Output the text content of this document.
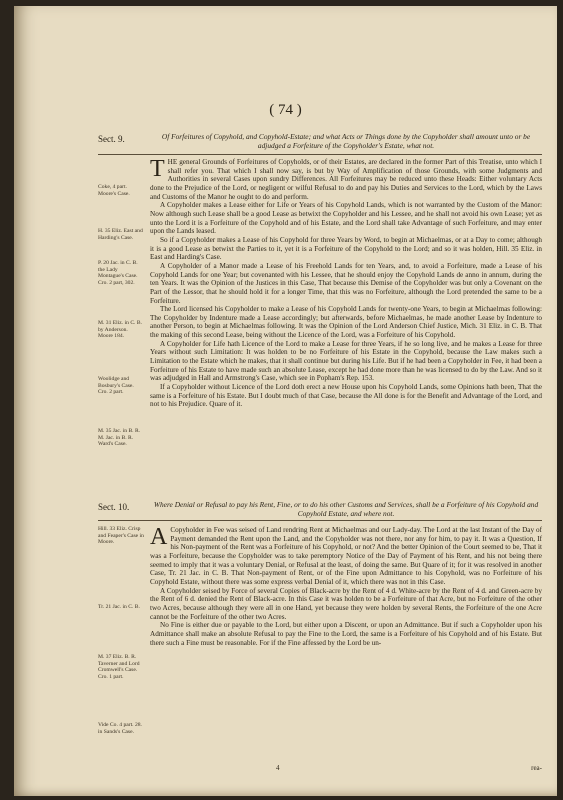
( 74 )
Sect. 9.	Of Forfeitures of Copyhold, and Copyhold-Estate; and what Acts or Things done by the Copyholder shall amount unto or be adjudged a Forfeiture of the Copyholder's Estate, what not.
Coke, 4 part. Moore's Case.
H. 35 Eliz. East and Harding's Case.
P. 20 Jac. in C. B. the Lady Montague's Case. Cro. 2 part, 302.
M. 31 Eliz. in C. B. by Anderson. Moore 184.
Woolidge and Bosbury's Case. Cro. 2 part.
M. 35 Jac. in B. R. M. Jac. in B. R. Ward's Case.

THE general Grounds of Forfeitures of Copyholds, or of their Estates, are declared in the former Part of this Treatise, unto which I shall refer you. That which I shall now say, is but by Way of Amplification of those Grounds, with some Judgments and Authorities in several Cases upon sundry Differences. All Forfeitures may be reduced unto these Heads: Either voluntary Acts done to the Prejudice of the Lord, or negligent or wilful Refusal to do and pay his Duties and Services to the Lord, which by the Laws and Customs of the Manor he ought to do and perform.

A Copyholder makes a Lease either for Life or Years of his Copyhold Lands, which is not warranted by the Custom of the Manor: Now although such Lease shall be a good Lease as betwixt the Copyholder and his Lessee, and he shall not avoid his own Lease; yet as unto the Lord it is a Forfeiture of the Copyhold and of his Estate, and the Lord shall take Advantage of such Forfeiture, and may enter upon the Lands leased.

So if a Copyholder makes a Lease of his Copyhold for three Years by Word, to begin at Michaelmas, or at a Day to come; although it is a good Lease as betwixt the Parties to it, yet it is a Forfeiture of the Copyhold to the Lord; and so it was holden, Hill. 35 Eliz. in East and Harding's Case.

A Copyholder of a Manor made a Lease of his Freehold Lands for ten Years, and, to avoid a Forfeiture, made a Lease of his Copyhold Lands for one Year; but covenanted with his Lessee, that he should enjoy the Copyhold Lands de anno in annum, during the ten Years. It was the Opinion of the Justices in this Case, That because this Demise of the Copyholder was but only a Covenant on the Part of the Lessor, that he should hold it for a longer Time, that this was no Forfeiture, although the Lord pretended the same to be a Forfeiture.

The Lord licensed his Copyholder to make a Lease of his Copyhold Lands for twenty-one Years, to begin at Michaelmas following: The Copyholder by Indenture made a Lease accordingly; but afterwards, before Michaelmas, he made another Lease by Indenture to another Person, to begin at Michaelmas following. It was the Opinion of the Lord Anderson Chief Justice, Mich. 31 Eliz. in C. B. That the making of this second Lease, being without the Licence of the Lord, was a Forfeiture of his Copyhold.

A Copyholder for Life hath Licence of the Lord to make a Lease for three Years, if he so long live, and he makes a Lease for three Years without such Limitation: It was holden to be no Forfeiture of his Estate in the Copyhold, because the Law makes such a Limitation to the Estate which he makes, that it shall continue but during his Life. But if he had been a Copyholder in Fee, it had been a Forfeiture of his Estate to have made such an absolute Lease, except he had done more than he was licensed to do by the Law. And so it was adjudged in Hall and Armstrong's Case, which see in Popham's Rep. 153.

If a Copyholder without Licence of the Lord doth erect a new House upon his Copyhold Lands, some Opinions hath been, That the same is a Forfeiture of his Estate. But I doubt much of that Case, because the All done is for the Benefit and Advantage of the Lord, and not to his Prejudice. Quare of it.

Sect. 10.	Where Denial or Refusal to pay his Rent, Fine, or to do his other Customs and Services, shall be a Forfeiture of his Copyhold and Copyhold Estate, and where not.
Hill. 33 Eliz. Crisp and Feaper's Case in Moore.
Tr. 21 Jac. in C. B.
M. 37 Eliz. B. R. Taverner and Lord Cromwell's Case. Cro. 1 part.
Vide Co. 4 part. 28. in Sands's Case.

A Copyholder in Fee was seised of Land rendring Rent at Michaelmas and our Lady-day. The Lord at the last Instant of the Day of Payment demanded the Rent upon the Land, and the Copyholder was not there, nor any for him, to pay it. It was a Question, If his Non-payment of the Rent was a Forfeiture of his Copyhold, or not? And the better Opinion of the Court seemed to be, That it was a Forfeiture, because the Copyholder was to take peremptory Notice of the Day of Payment of his Rent, and his not being there seemed to imply that it was a voluntary Denial, or Refusal at the least, of doing the same. But Quare of it; for it was resolved in another Case, Tr. 21 Jac. in C. B. That Non-payment of Rent, or of the Fine upon Admittance to his Copyhold, was no Forfeiture of his Copyhold Estate, without there was some express verbal Denial of it, which there was not in this Case.

A Copyholder seised by Force of several Copies of Black-acre by the Rent of 4 d. White-acre by the Rent of 4 d. and Green-acre by the Rent of 6 d. denied the Rent of Black-acre. In this Case it was holden to be a Forfeiture of that Acre, but no Forfeiture of the other two Acres, because although they were all in one Hand, yet because they were holden by several Rents, the Forfeiture of the one Acre cannot be the Forfeiture of the other two Acres.

No Fine is either due or payable to the Lord, but either upon a Discent, or upon an Admittance. But if such a Copyholder upon his Admittance shall make an absolute Refusal to pay the Fine to the Lord, the same is a Forfeiture of his Copyhold and of his Estate. But there such a Fine must be reasonable. For if the Fine affessed by the Lord be un-

4	rea-
